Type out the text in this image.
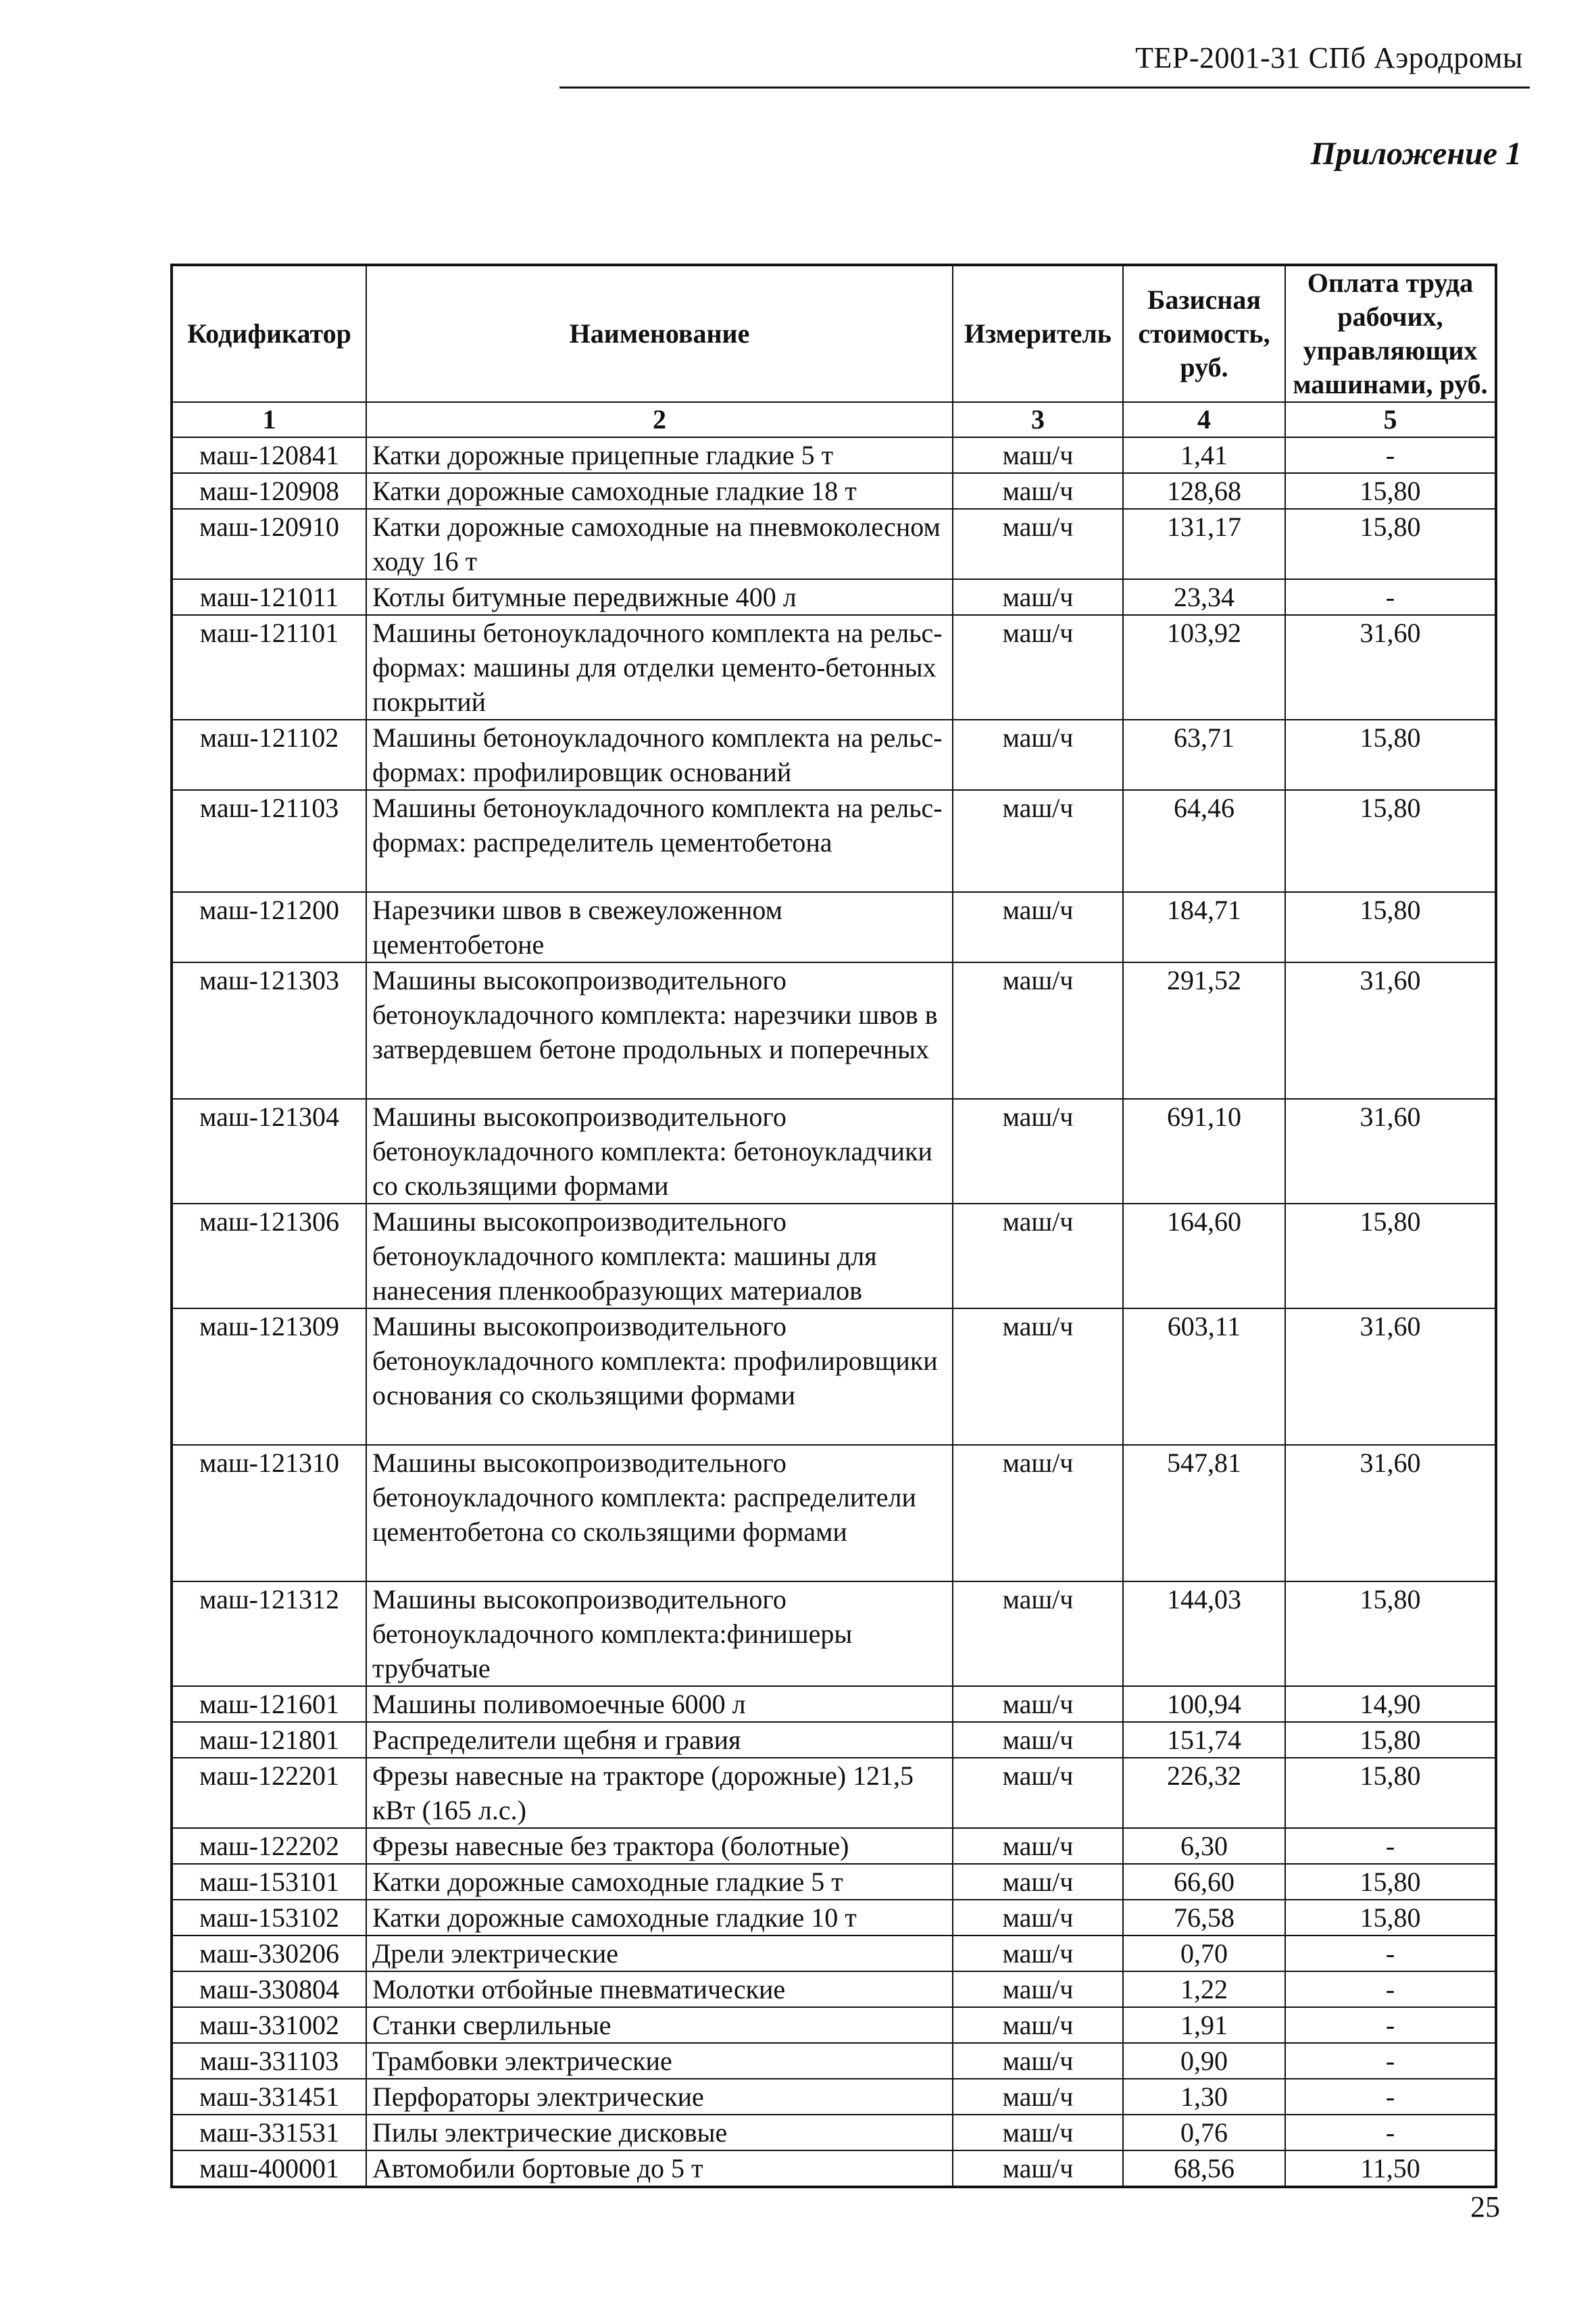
ТЕР-2001-31 СПб Аэродромы
Приложение 1
Кодификатор	Наименование	Измеритель	Базисная стоимость, руб.	Оплата труда рабочих, управляющих машинами, руб.
1	2	3	4	5
маш-120841	Катки дорожные прицепные гладкие 5 т	маш/ч	1,41	-
маш-120908	Катки дорожные самоходные гладкие 18 т	маш/ч	128,68	15,80
маш-120910	Катки дорожные самоходные на пневмоколесном ходу 16 т	маш/ч	131,17	15,80
маш-121011	Котлы битумные передвижные 400 л	маш/ч	23,34	-
маш-121101	Машины бетоноукладочного комплекта на рельс-формах: машины для отделки цементо-бетонных покрытий	маш/ч	103,92	31,60
маш-121102	Машины бетоноукладочного комплекта на рельс-формах: профилировщик оснований	маш/ч	63,71	15,80
маш-121103	Машины бетоноукладочного комплекта на рельс-формах: распределитель цементобетона	маш/ч	64,46	15,80
маш-121200	Нарезчики швов в свежеуложенном цементобетоне	маш/ч	184,71	15,80
маш-121303	Машины высокопроизводительного бетоноукладочного комплекта: нарезчики швов в затвердевшем бетоне продольных и поперечных	маш/ч	291,52	31,60
маш-121304	Машины высокопроизводительного бетоноукладочного комплекта: бетоноукладчики со скользящими формами	маш/ч	691,10	31,60
маш-121306	Машины высокопроизводительного бетоноукладочного комплекта: машины для нанесения пленкообразующих материалов	маш/ч	164,60	15,80
маш-121309	Машины высокопроизводительного бетоноукладочного комплекта: профилировщики основания со скользящими формами	маш/ч	603,11	31,60
маш-121310	Машины высокопроизводительного бетоноукладочного комплекта: распределители цементобетона со скользящими формами	маш/ч	547,81	31,60
маш-121312	Машины высокопроизводительного бетоноукладочного комплекта:финишеры трубчатые	маш/ч	144,03	15,80
маш-121601	Машины поливомоечные 6000 л	маш/ч	100,94	14,90
маш-121801	Распределители щебня и гравия	маш/ч	151,74	15,80
маш-122201	Фрезы навесные на тракторе (дорожные) 121,5 кВт (165 л.с.)	маш/ч	226,32	15,80
маш-122202	Фрезы навесные без трактора (болотные)	маш/ч	6,30	-
маш-153101	Катки дорожные самоходные гладкие 5 т	маш/ч	66,60	15,80
маш-153102	Катки дорожные самоходные гладкие 10 т	маш/ч	76,58	15,80
маш-330206	Дрели электрические	маш/ч	0,70	-
маш-330804	Молотки отбойные пневматические	маш/ч	1,22	-
маш-331002	Станки сверлильные	маш/ч	1,91	-
маш-331103	Трамбовки электрические	маш/ч	0,90	-
маш-331451	Перфораторы электрические	маш/ч	1,30	-
маш-331531	Пилы электрические дисковые	маш/ч	0,76	-
маш-400001	Автомобили бортовые до 5 т	маш/ч	68,56	11,50
25
